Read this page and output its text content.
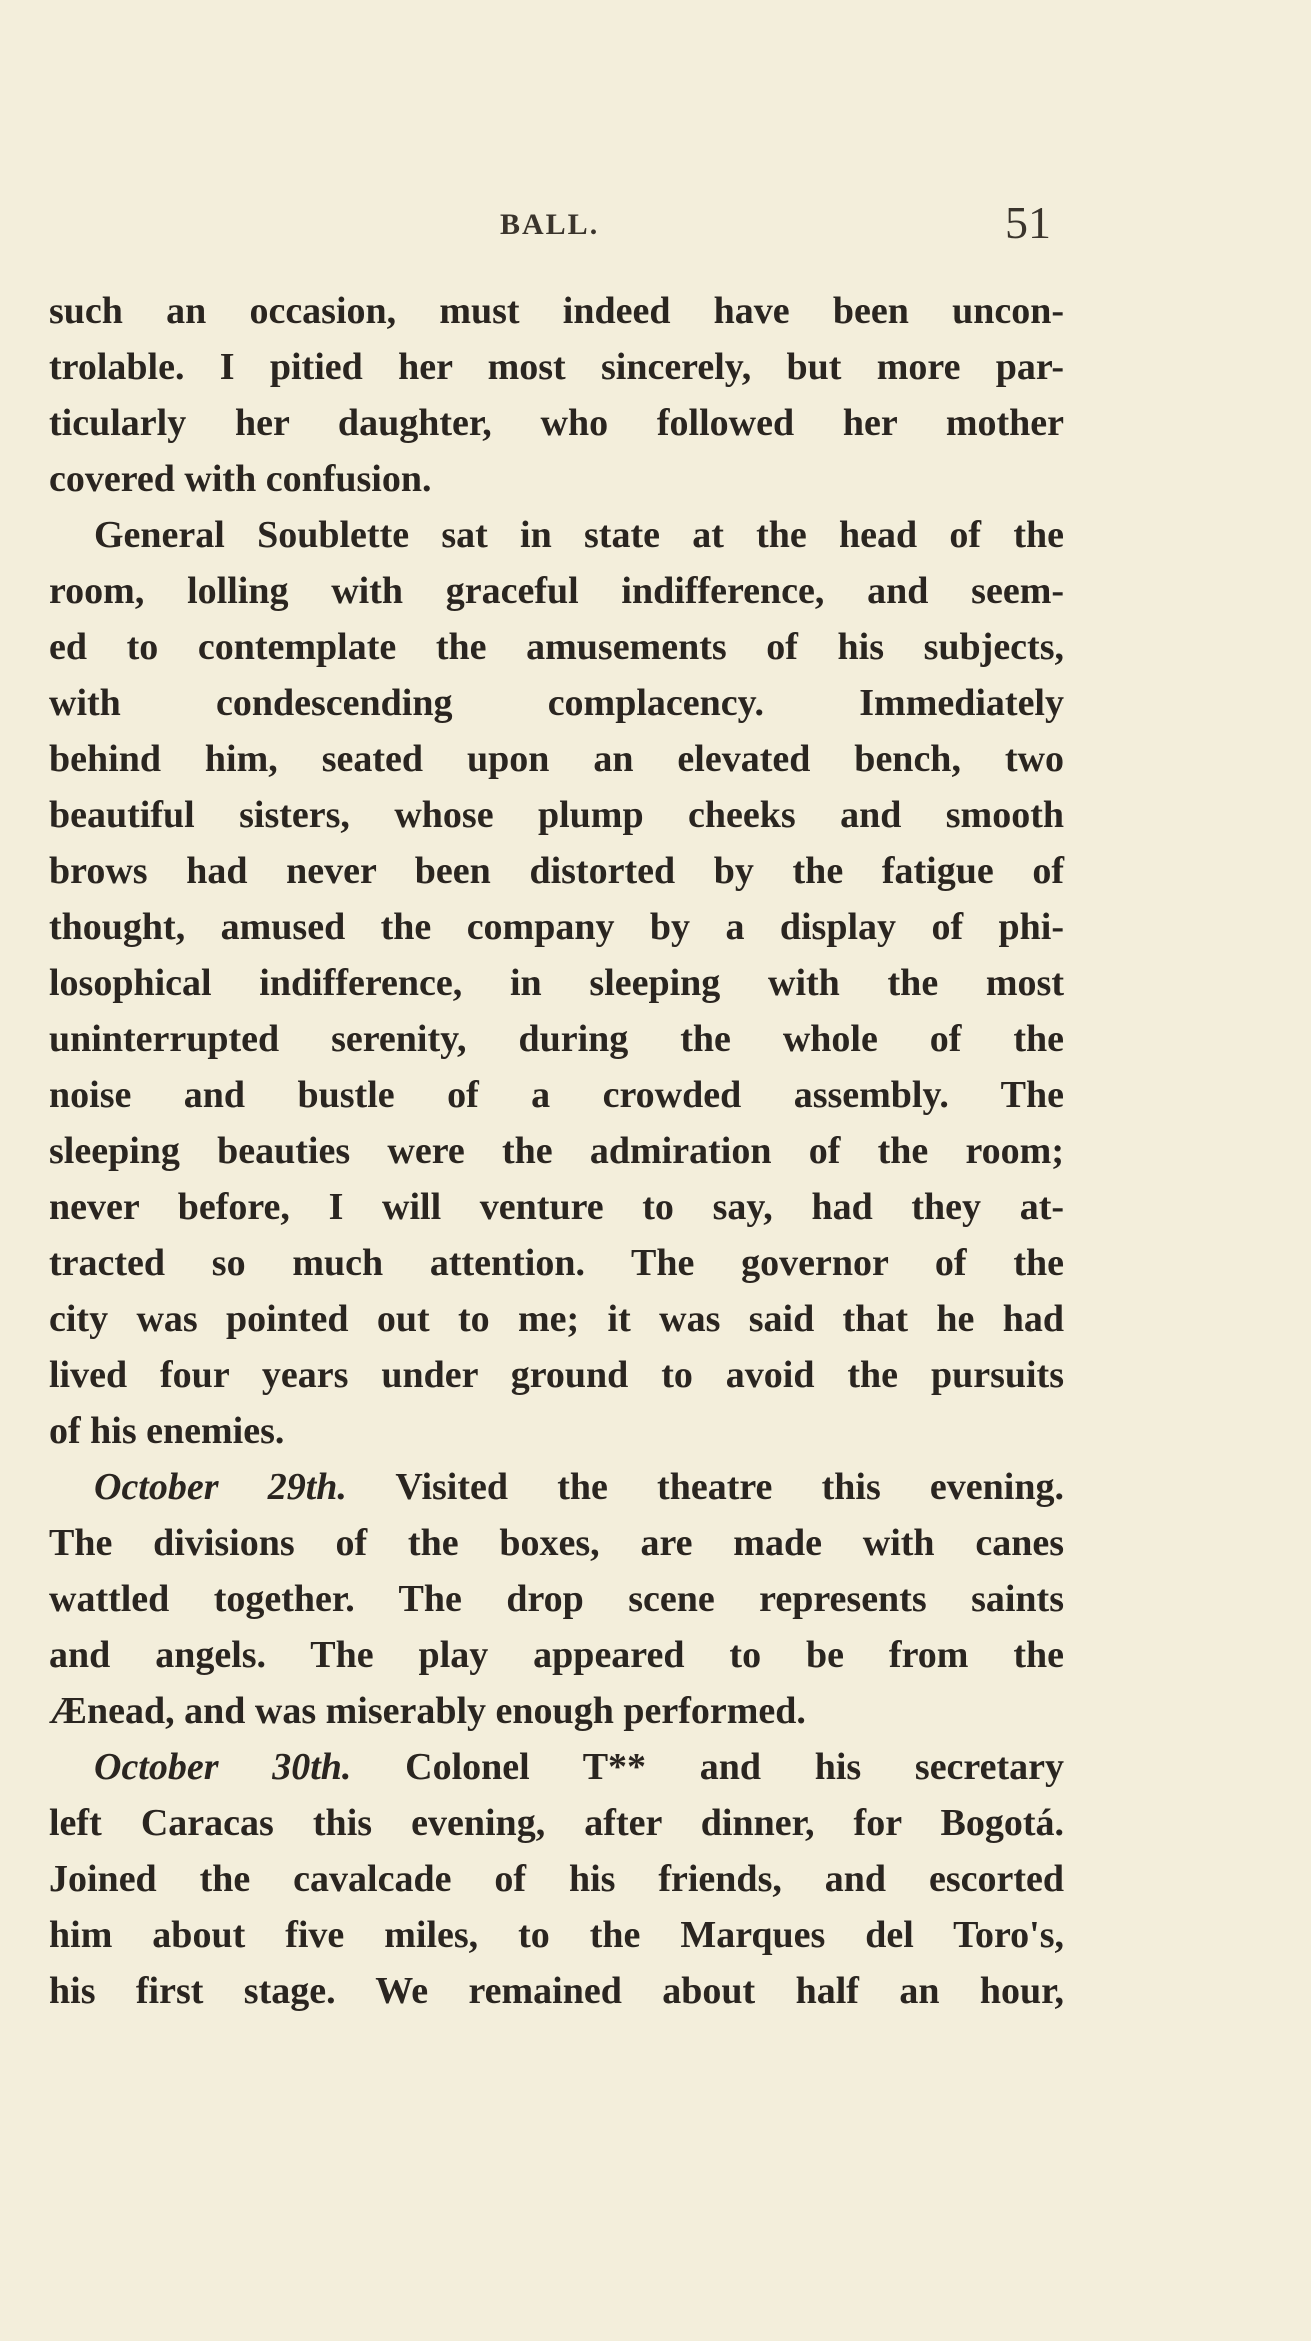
BALL.	51
such an occasion, must indeed have been uncon-
trolable. I pitied her most sincerely, but more par-
ticularly her daughter, who followed her mother
covered with confusion.
General Soublette sat in state at the head of the
room, lolling with graceful indifference, and seem-
ed to contemplate the amusements of his subjects,
with condescending complacency. Immediately
behind him, seated upon an elevated bench, two
beautiful sisters, whose plump cheeks and smooth
brows had never been distorted by the fatigue of
thought, amused the company by a display of phi-
losophical indifference, in sleeping with the most
uninterrupted serenity, during the whole of the
noise and bustle of a crowded assembly. The
sleeping beauties were the admiration of the room;
never before, I will venture to say, had they at-
tracted so much attention. The governor of the
city was pointed out to me; it was said that he had
lived four years under ground to avoid the pursuits
of his enemies.
October 29th. Visited the theatre this evening.
The divisions of the boxes, are made with canes
wattled together. The drop scene represents saints
and angels. The play appeared to be from the
Ænead, and was miserably enough performed.
October 30th. Colonel T** and his secretary
left Caracas this evening, after dinner, for Bogotá.
Joined the cavalcade of his friends, and escorted
him about five miles, to the Marques del Toro's,
his first stage. We remained about half an hour,
